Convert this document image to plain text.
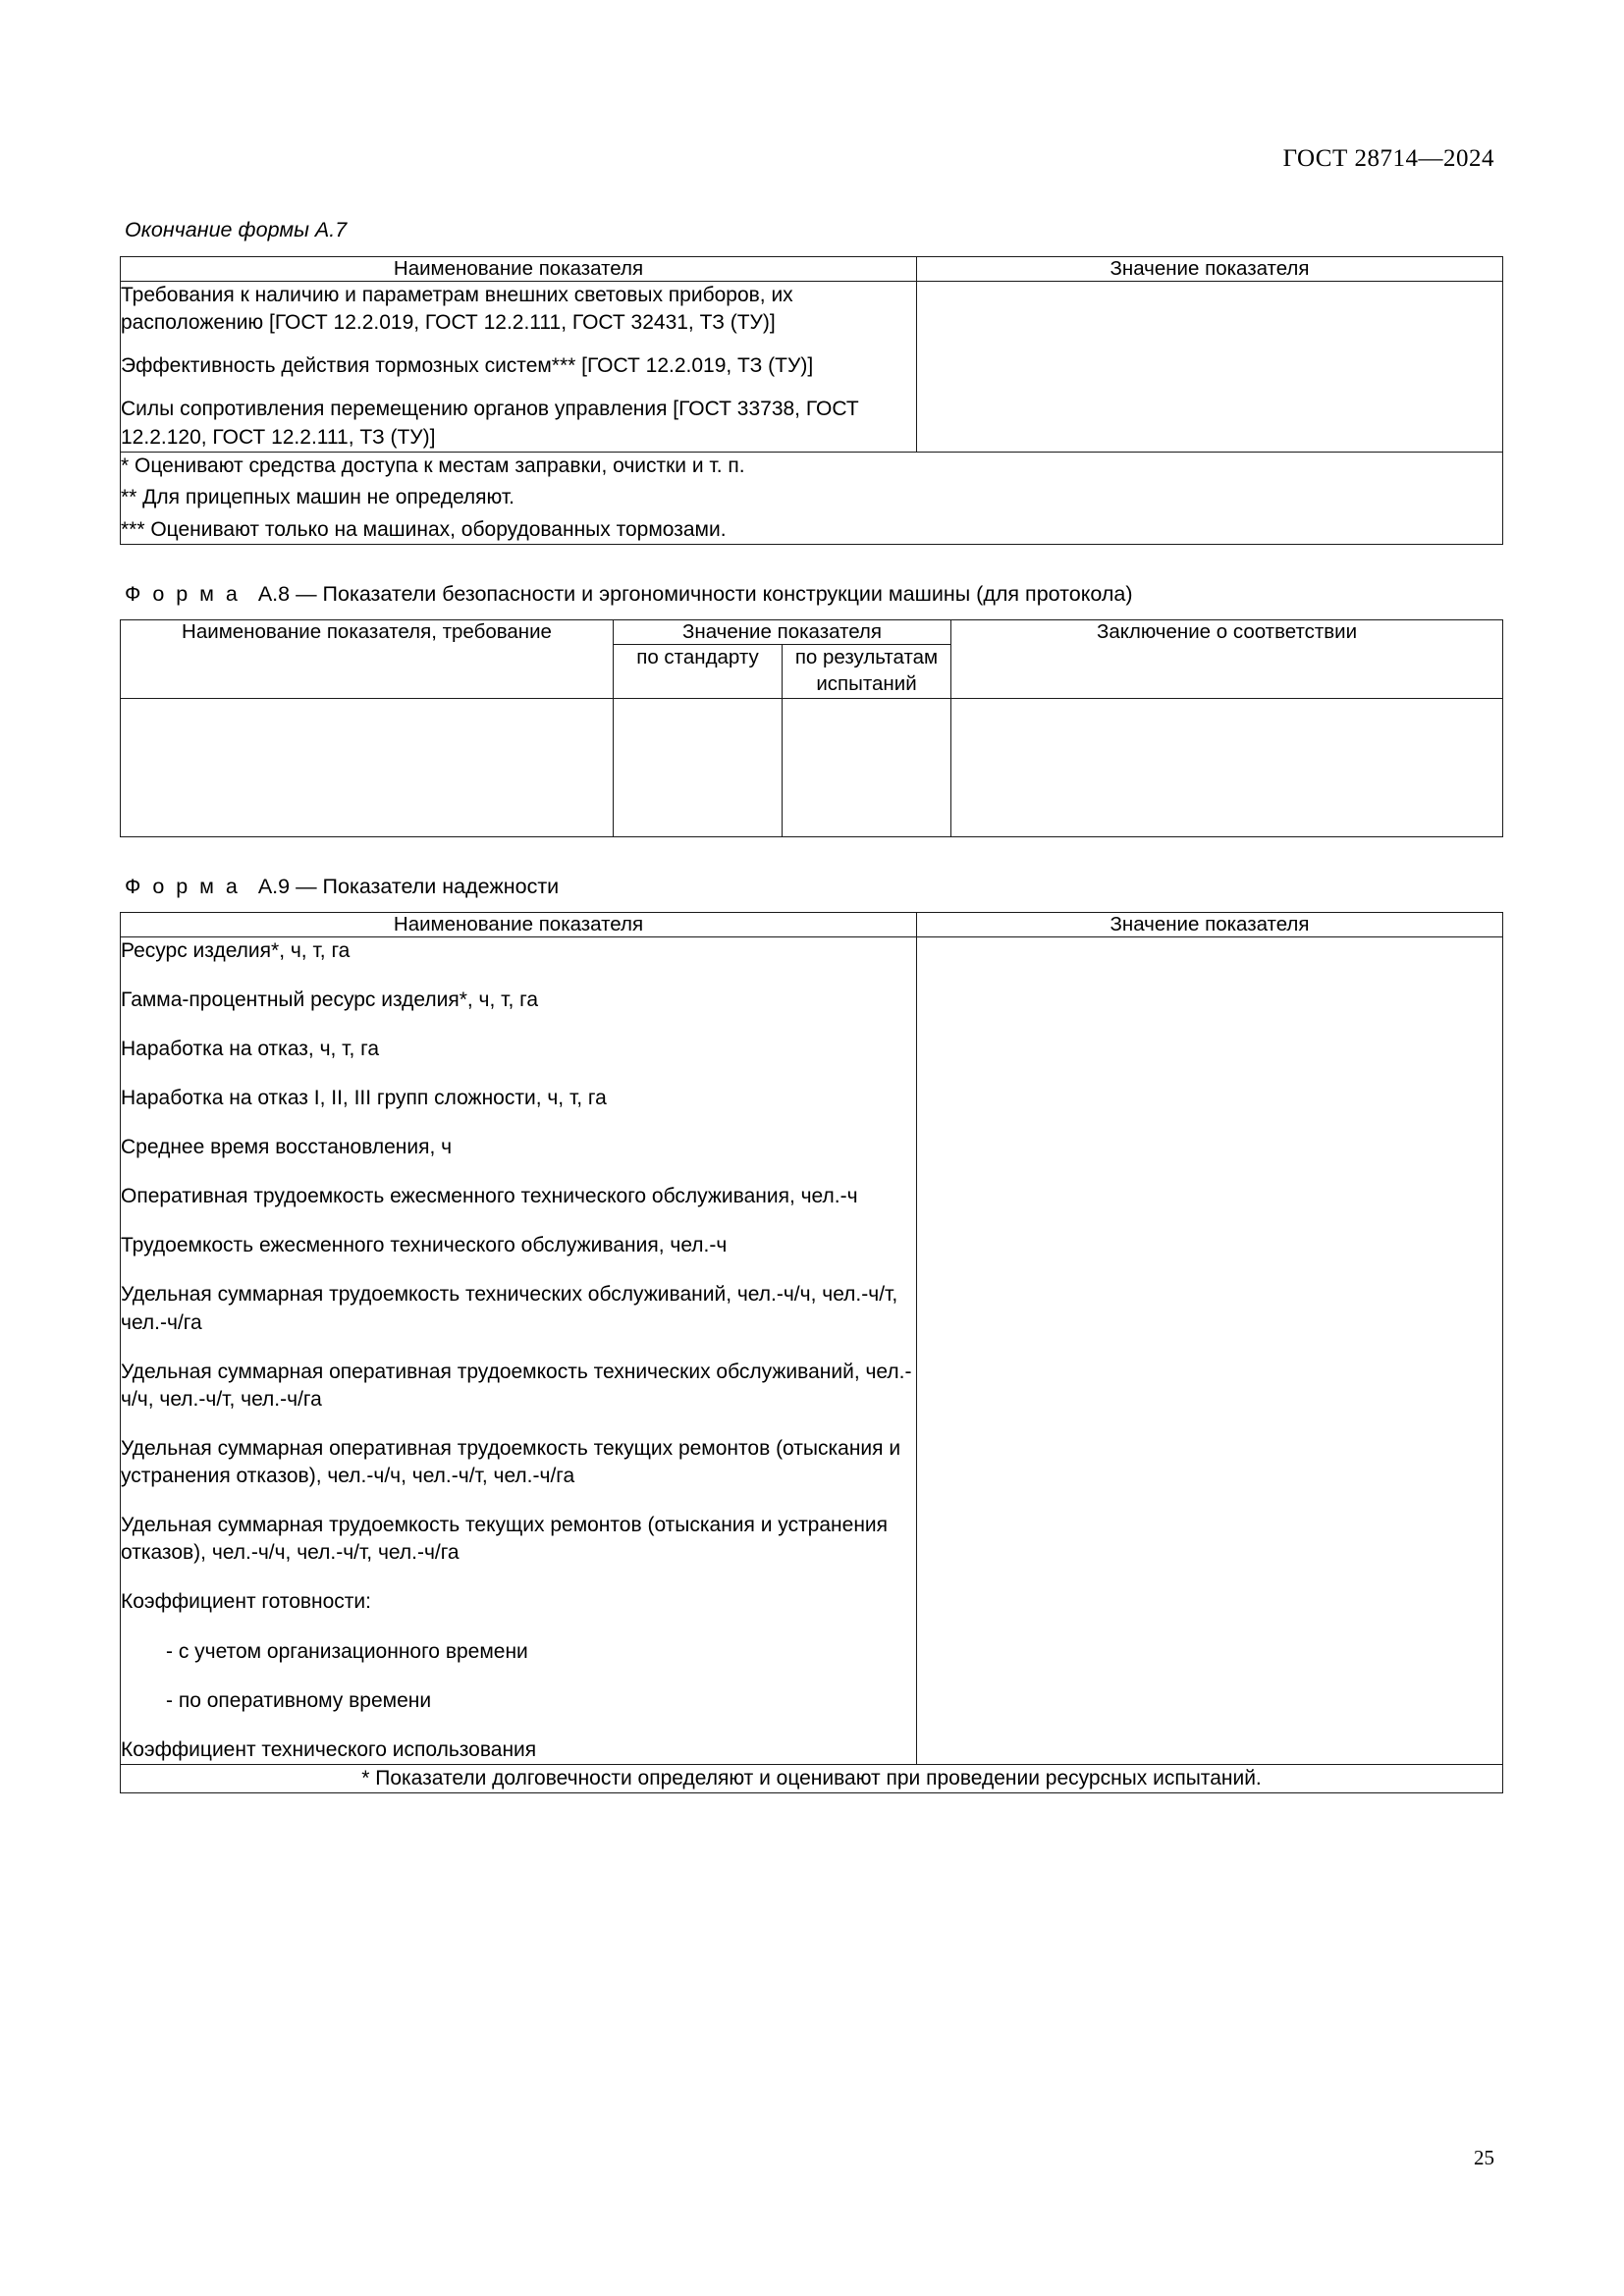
ГОСТ 28714—2024
Окончание формы А.7
Наименование показателя	Значение показателя

Требования к наличию и параметрам внешних световых приборов, их расположению [ГОСТ 12.2.019, ГОСТ 12.2.111, ГОСТ 32431, ТЗ (ТУ)]

Эффективность действия тормозных систем*** [ГОСТ 12.2.019, ТЗ (ТУ)]

Силы сопротивления перемещению органов управления [ГОСТ 33738, ГОСТ 12.2.120, ГОСТ 12.2.111, ТЗ (ТУ)]	

* Оценивают средства доступа к местам заправки, очистки и т. п.

** Для прицепных машин не определяют.

*** Оценивают только на машинах, оборудованных тормозами.	

Ф о р м а А.8 — Показатели безопасности и эргономичности конструкции машины (для протокола)
Наименование показателя, требование	Значение показателя		Заключение о соответствии
	по стандарту	по результатам испытаний	

Ф о р м а А.9 — Показатели надежности
Наименование показателя	Значение показателя

Ресурс изделия*, ч, т, га

Гамма-процентный ресурс изделия*, ч, т, га

Наработка на отказ, ч, т, га

Наработка на отказ I, II, III групп сложности, ч, т, га

Среднее время восстановления, ч

Оперативная трудоемкость ежесменного технического обслуживания, чел.-ч

Трудоемкость ежесменного технического обслуживания, чел.-ч

Удельная суммарная трудоемкость технических обслуживаний, чел.-ч/ч, чел.-ч/т, чел.-ч/га

Удельная суммарная оперативная трудоемкость технических обслуживаний, чел.-ч/ч, чел.-ч/т, чел.-ч/га

Удельная суммарная оперативная трудоемкость текущих ремонтов (отыскания и устранения отказов), чел.-ч/ч, чел.-ч/т, чел.-ч/га

Удельная суммарная трудоемкость текущих ремонтов (отыскания и устранения отказов), чел.-ч/ч, чел.-ч/т, чел.-ч/га

Коэффициент готовности:

- с учетом организационного времени

- по оперативному времени

Коэффициент технического использования

* Показатели долговечности определяют и оценивают при проведении ресурсных испытаний.	
25
